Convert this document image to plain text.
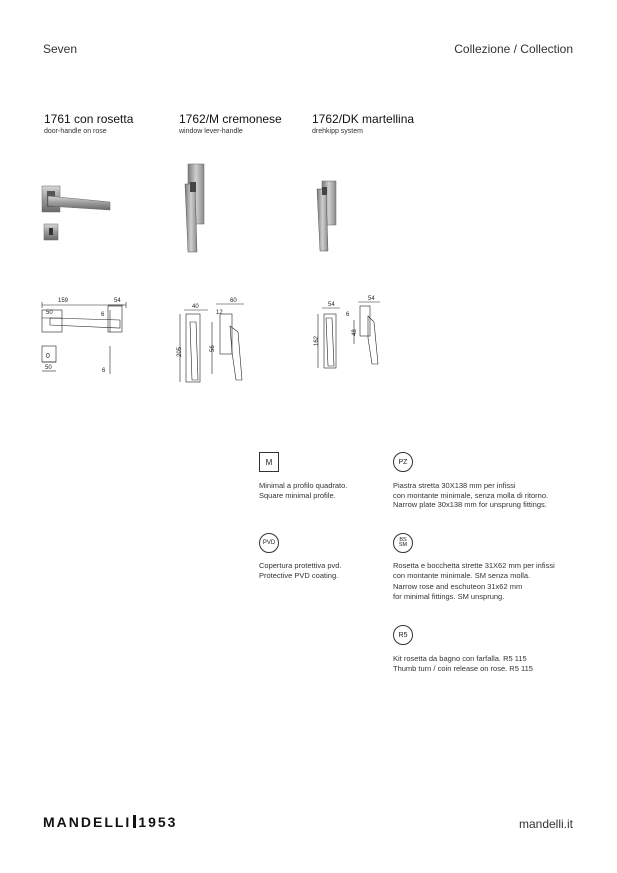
Seven	Collezione / Collection
1761 con rosetta
door-handle on rose
1762/M cremonese
window lever-handle
1762/DK martellina
drehkipp system
159	54
50	6
0
50	6
40
60
12
205	56
54
54
6
162
48
M
Minimal a profilo quadrato.
Square minimal profile.
PZ
Piastra stretta 30X138 mm per infissi
con montante minimale, senza molla di ritorno.
Narrow plate 30x138 mm for unsprung fittings.
PVD
Copertura protettiva pvd.
Protective PVD coating.
BS
SM
Rosetta e bocchetta strette 31X62 mm per infissi
con montante minimale. SM senza molla.
Narrow rose and eschuteon 31x62 mm
for minimal fittings. SM unsprung.
R5
Kit rosetta da bagno con farfalla. R5 115
Thumb turn / coin release on rose. R5 115
MANDELLI 1953	mandelli.it
